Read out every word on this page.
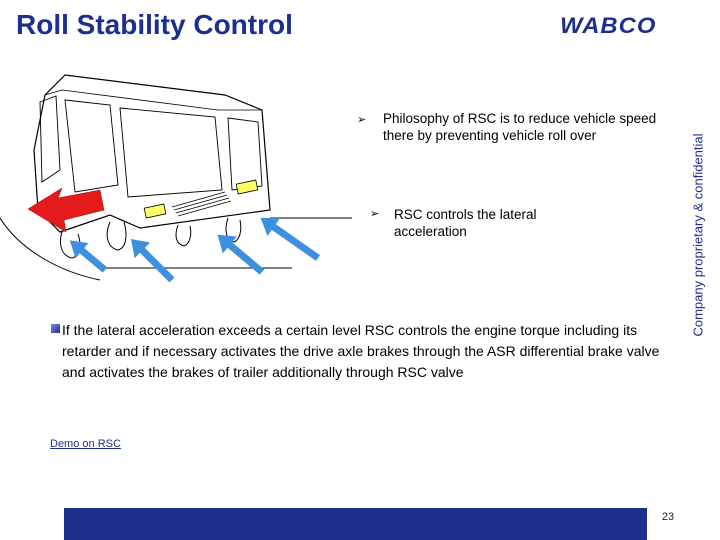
Roll Stability Control	WABCO
Company proprietary & confidential
➢ Philosophy of RSC is to reduce vehicle speed there by preventing vehicle roll over
➢ RSC controls the lateral acceleration
If the lateral acceleration exceeds a certain level RSC controls the engine torque including its retarder and if necessary activates the drive axle brakes through the ASR differential brake valve and activates the brakes of trailer additionally through RSC valve
Demo on RSC
23
